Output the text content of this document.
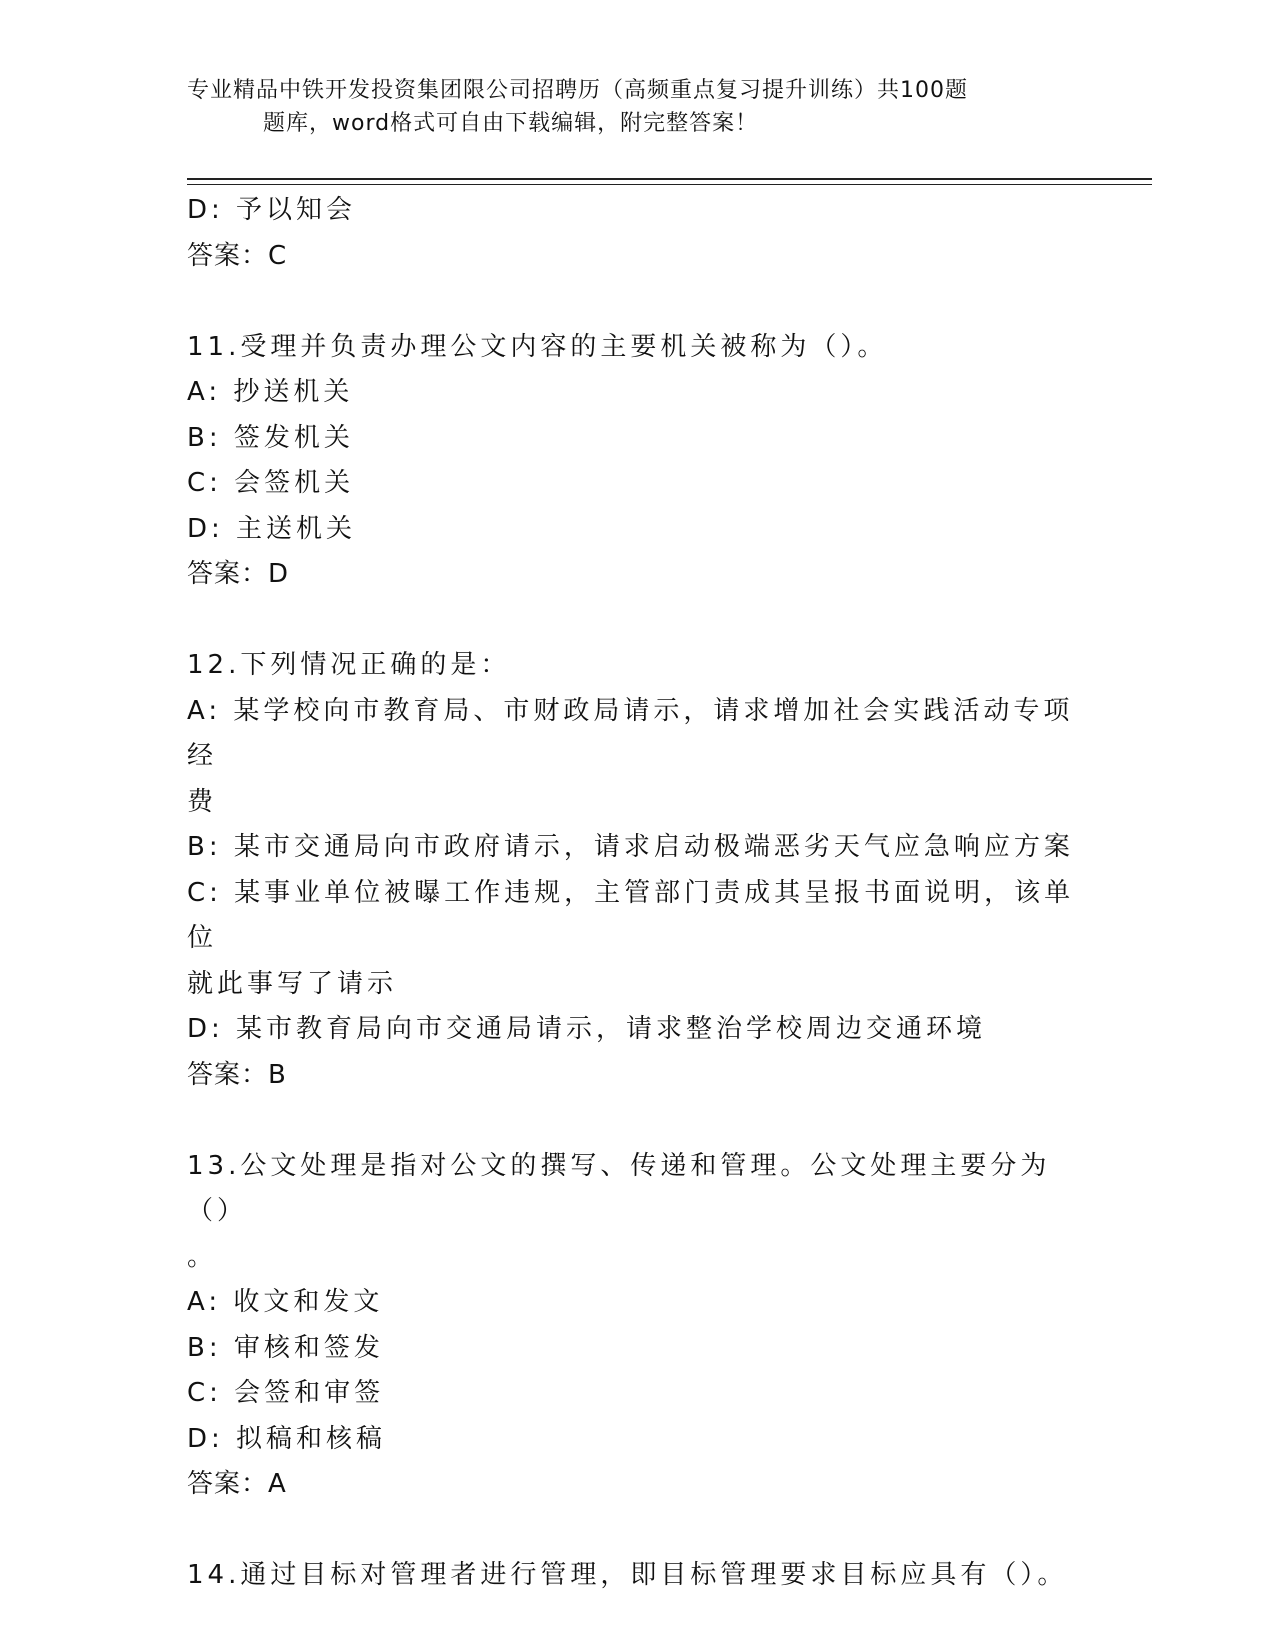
专业精品中铁开发投资集团限公司招聘历（高频重点复习提升训练）共100题
题库，word格式可自由下载编辑，附完整答案！

D: 予以知会

答案：C

11.受理并负责办理公文内容的主要机关被称为（）。

A: 抄送机关

B: 签发机关

C: 会签机关

D: 主送机关

答案：D

12.下列情况正确的是：

A: 某学校向市教育局、市财政局请示，请求增加社会实践活动专项经

费

B: 某市交通局向市政府请示，请求启动极端恶劣天气应急响应方案

C: 某事业单位被曝工作违规，主管部门责成其呈报书面说明，该单位

就此事写了请示

D: 某市教育局向市交通局请示，请求整治学校周边交通环境

答案：B

13.公文处理是指对公文的撰写、传递和管理。公文处理主要分为（）

。

A: 收文和发文

B: 审核和签发

C: 会签和审签

D: 拟稿和核稿

答案：A

14.通过目标对管理者进行管理，即目标管理要求目标应具有（）。
